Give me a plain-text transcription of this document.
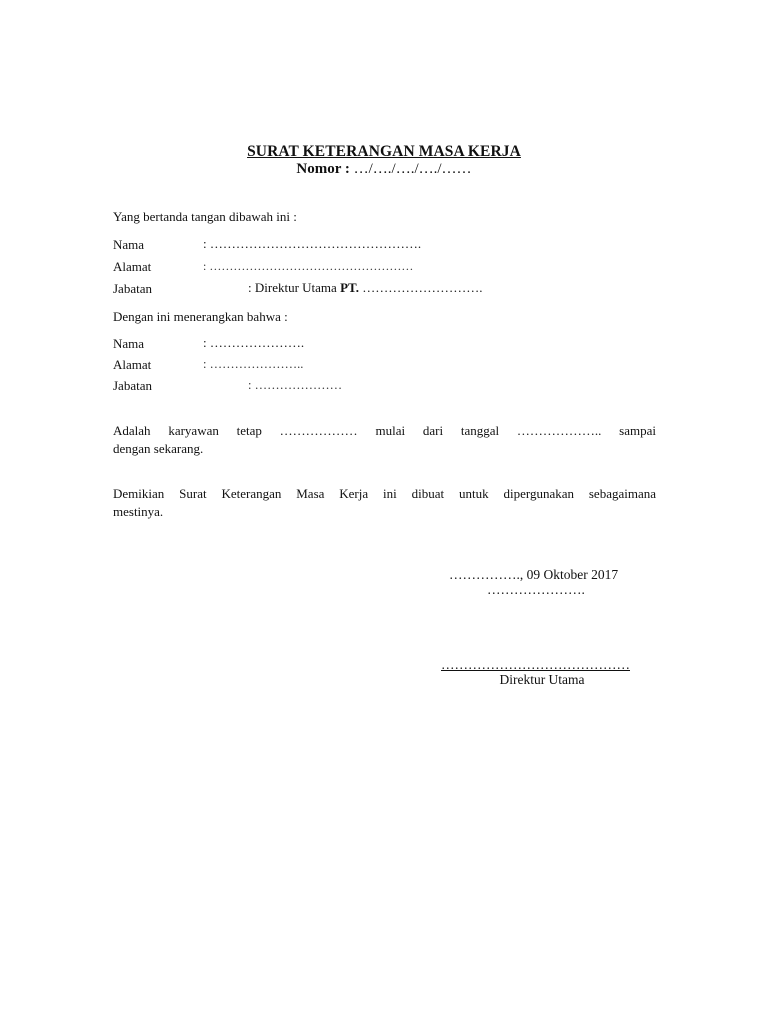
SURAT KETERANGAN MASA KERJA
Nomor : …/…./…./…./……
Yang bertanda tangan dibawah ini :
Nama	: ………………………………………….
Alamat	: ……………………………………………
Jabatan	: Direktur Utama PT. ……………………….
Dengan ini menerangkan bahwa :
Nama	: ………………….
Alamat	: …………………..
Jabatan	: …………………
Adalah karyawan tetap ……………… mulai dari tanggal ……………….. sampai
dengan sekarang.
Demikian Surat Keterangan Masa Kerja ini dibuat untuk dipergunakan sebagaimana
mestinya.
……………., 09 Oktober 2017
………………….
……………………………………
Direktur Utama
